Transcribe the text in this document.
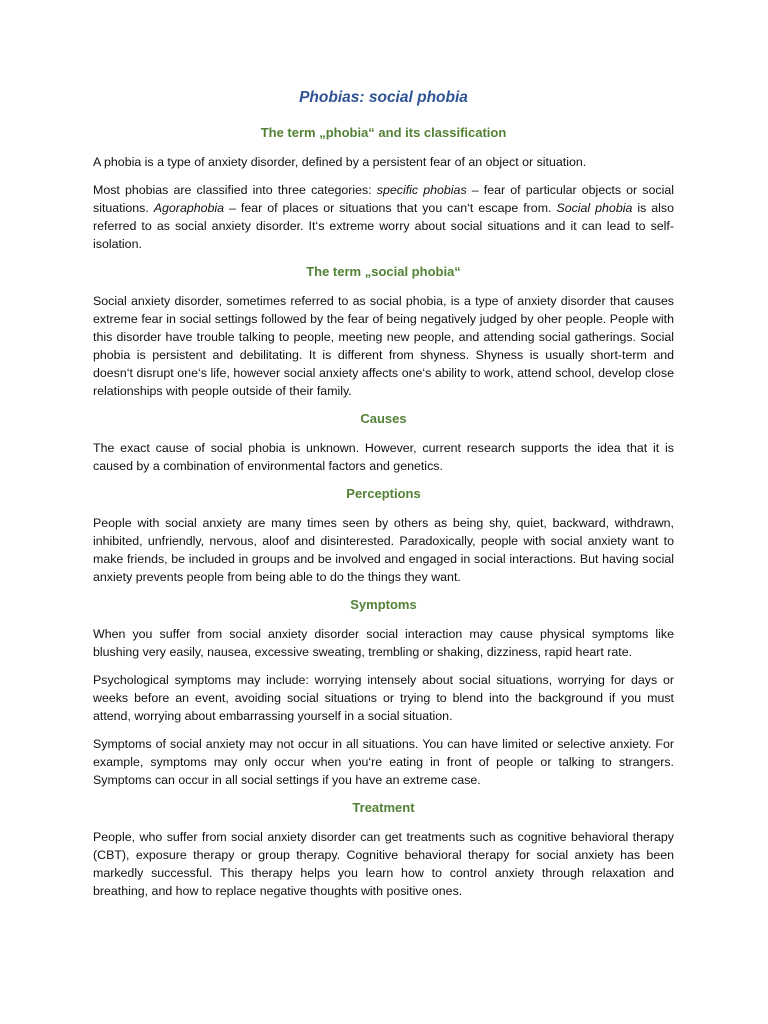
Phobias: social phobia
The term „phobia“ and its classification

A phobia is a type of anxiety disorder, defined by a persistent fear of an object or situation.

Most phobias are classified into three categories: specific phobias – fear of particular objects or social situations. Agoraphobia – fear of places or situations that you can‘t escape from. Social phobia is also referred to as social anxiety disorder. It‘s extreme worry about social situations and it can lead to self-isolation.

The term „social phobia“

Social anxiety disorder, sometimes referred to as social phobia, is a type of anxiety disorder that causes extreme fear in social settings followed by the fear of being negatively judged by oher people. People with this disorder have trouble talking to people, meeting new people, and attending social gatherings. Social phobia is persistent and debilitating. It is different from shyness. Shyness is usually short-term and doesn‘t disrupt one‘s life, however social anxiety affects one‘s ability to work, attend school, develop close relationships with people outside of their family.

Causes

The exact cause of social phobia is unknown. However, current research supports the idea that it is caused by a combination of environmental factors and genetics.

Perceptions

People with social anxiety are many times seen by others as being shy, quiet, backward, withdrawn, inhibited, unfriendly, nervous, aloof and disinterested. Paradoxically, people with social anxiety want to make friends, be included in groups and be involved and engaged in social interactions. But having social anxiety prevents people from being able to do the things they want.

Symptoms

When you suffer from social anxiety disorder social interaction may cause physical symptoms like blushing very easily, nausea, excessive sweating, trembling or shaking, dizziness, rapid heart rate.

Psychological symptoms may include: worrying intensely about social situations, worrying for days or weeks before an event, avoiding social situations or trying to blend into the background if you must attend, worrying about embarrassing yourself in a social situation.

Symptoms of social anxiety may not occur in all situations. You can have limited or selective anxiety. For example, symptoms may only occur when you‘re eating in front of people or talking to strangers. Symptoms can occur in all social settings if you have an extreme case.

Treatment

People, who suffer from social anxiety disorder can get treatments such as cognitive behavioral therapy (CBT), exposure therapy or group therapy. Cognitive behavioral therapy for social anxiety has been markedly successful. This therapy helps you learn how to control anxiety through relaxation and breathing, and how to replace negative thoughts with positive ones.
